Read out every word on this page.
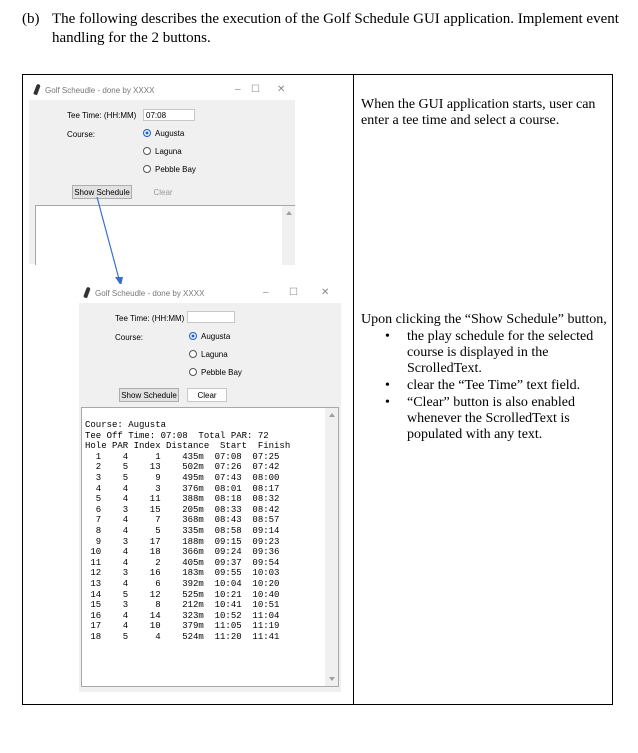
(b) The following describes the execution of the Golf Schedule GUI application. Implement event handling for the 2 buttons.
Golf Scheudle - done by XXXX	– ☐ ✕
Tee Time: (HH:MM)	07:08
Course:	Augusta
Laguna
Pebble Bay
Show Schedule	Clear
Golf Scheudle - done by XXXX	– ☐ ✕
Tee Time: (HH:MM)
Course:	Augusta
Laguna
Pebble Bay
Show Schedule	Clear
Course: Augusta
Tee Off Time: 07:08  Total PAR: 72
Hole PAR Index Distance  Start  Finish
1    4     1    435m  07:08  07:25
2    5    13    502m  07:26  07:42
3    5     9    495m  07:43  08:00
4    4     3    376m  08:01  08:17
5    4    11    388m  08:18  08:32
6    3    15    205m  08:33  08:42
7    4     7    368m  08:43  08:57
8    4     5    335m  08:58  09:14
9    3    17    188m  09:15  09:23
10    4    18    366m  09:24  09:36
11    4     2    405m  09:37  09:54
12    3    16    183m  09:55  10:03
13    4     6    392m  10:04  10:20
14    5    12    525m  10:21  10:40
15    3     8    212m  10:41  10:51
16    4    14    323m  10:52  11:04
17    4    10    379m  11:05  11:19
18    5     4    524m  11:20  11:41
When the GUI application starts, user can enter a tee time and select a course.
Upon clicking the “Show Schedule” button,
• the play schedule for the selected course is displayed in the ScrolledText.
• clear the “Tee Time” text field.
• “Clear” button is also enabled whenever the ScrolledText is populated with any text.
